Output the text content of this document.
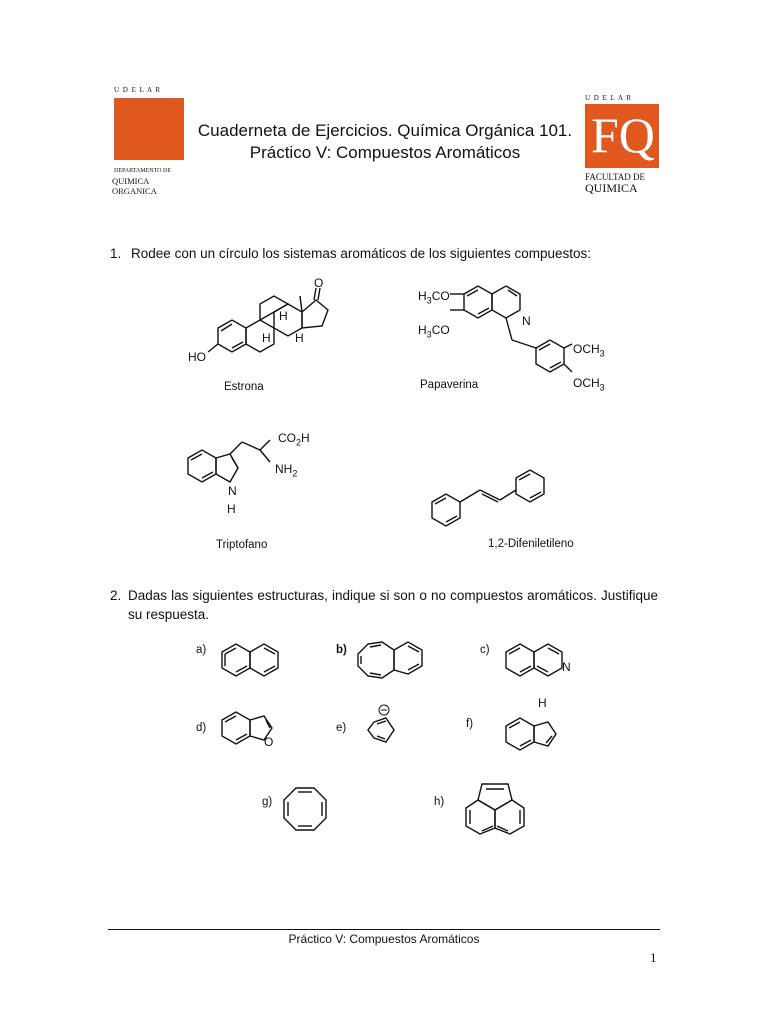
U D E L A R
DEPARTAMENTO DE
QUIMICA ORGANICA
Cuaderneta de Ejercicios. Química Orgánica 101.
Práctico V: Compuestos Aromáticos
U D E L A R
FQ
FACULTAD DE
QUIMICA
1. Rodee con un círculo los sistemas aromáticos de los siguientes compuestos:
O
H
H H
HO
Estrona
$H_3CO$
$H_3CO$
N
$OCH_3$
$OCH_3$
Papaverina
$CO_2H$
$NH_2$
N
H
Triptofano	1,2-Difeniletileno
2. Dadas las siguientes estructuras, indique si son o no compuestos aromáticos. Justifique su respuesta.
a)	b)	c)
d)	e)	f)
g)	h)
N
O
H
Práctico V: Compuestos Aromáticos
1
